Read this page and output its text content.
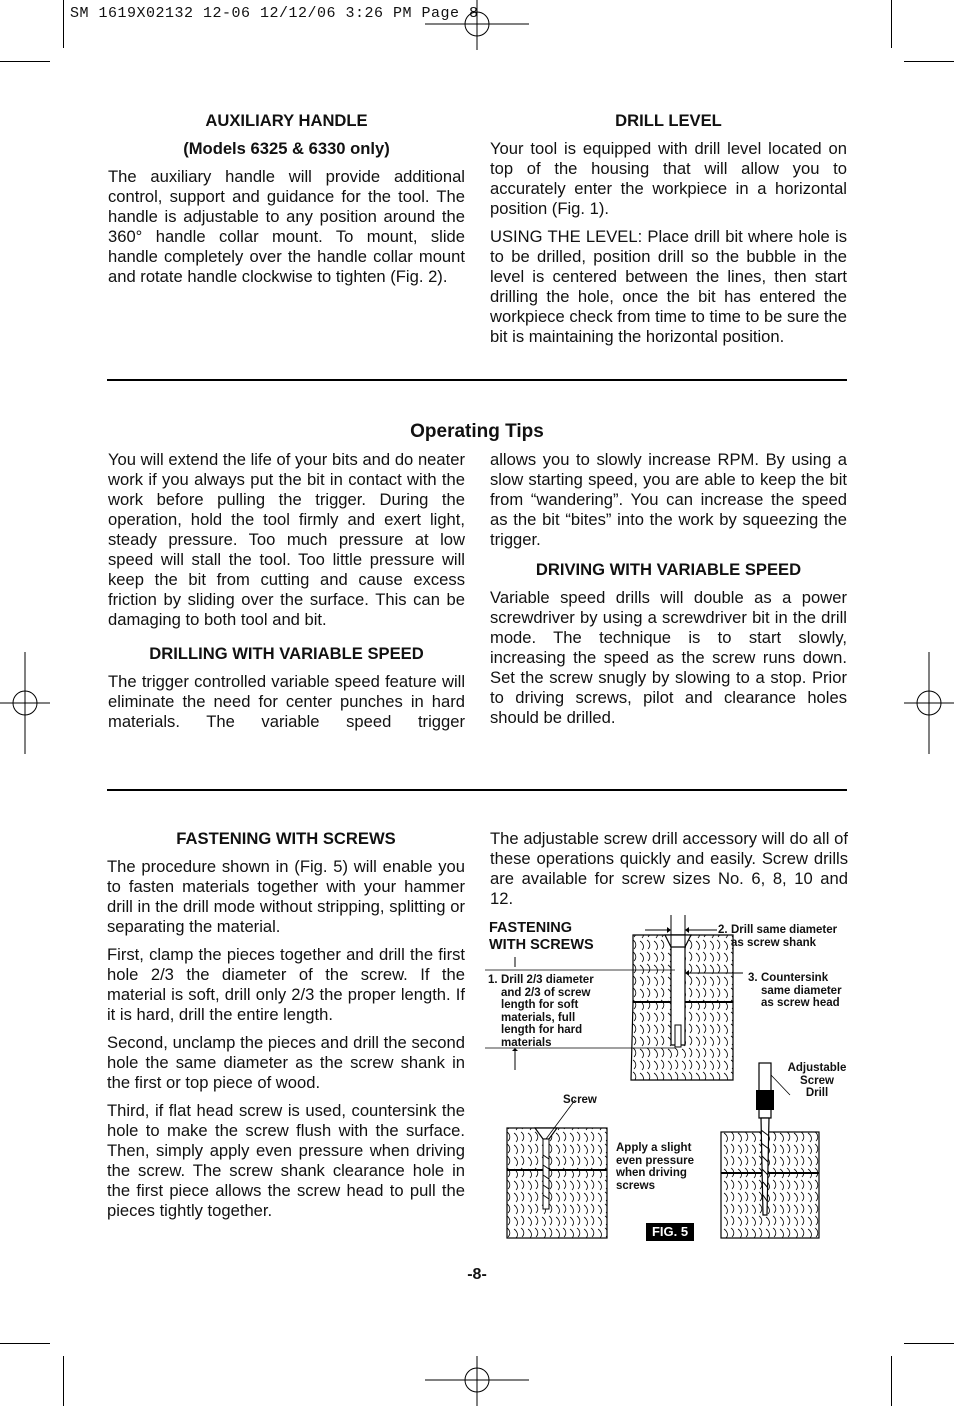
SM 1619X02132 12-06 12/12/06 3:26 PM Page 8

AUXILIARY HANDLE

(Models 6325 & 6330 only)

The auxiliary handle will provide additional control, support and guidance for the tool. The handle is adjustable to any position around the 360° handle collar mount. To mount, slide handle completely over the handle collar mount and rotate handle clockwise to tighten (Fig. 2).

DRILL LEVEL

Your tool is equipped with drill level located on top of the housing that will allow you to accurately enter the workpiece in a horizontal position (Fig. 1).

USING THE LEVEL: Place drill bit where hole is to be drilled, position drill so the bubble in the level is centered between the lines, then start drilling the hole, once the bit has entered the workpiece check from time to time to be sure the bit is maintaining the horizontal position.

Operating Tips

You will extend the life of your bits and do neater work if you always put the bit in contact with the work before pulling the trigger. During the operation, hold the tool firmly and exert light, steady pressure. Too much pressure at low speed will stall the tool. Too little pressure will keep the bit from cutting and cause excess friction by sliding over the surface. This can be damaging to both tool and bit.

DRILLING WITH VARIABLE SPEED

The trigger controlled variable speed feature will eliminate the need for center punches in hard materials. The variable speed trigger

allows you to slowly increase RPM. By using a slow starting speed, you are able to keep the bit from “wandering”. You can increase the speed as the bit “bites” into the work by squeezing the trigger.

DRIVING WITH VARIABLE SPEED

Variable speed drills will double as a power screwdriver by using a screwdriver bit in the drill mode. The technique is to start slowly, increasing the speed as the screw runs down. Set the screw snugly by slowing to a stop. Prior to driving screws, pilot and clearance holes should be drilled.

FASTENING WITH SCREWS

The procedure shown in (Fig. 5) will enable you to fasten materials together with your hammer drill in the drill mode without stripping, splitting or separating the material.

First, clamp the pieces together and drill the first hole 2/3 the diameter of the screw. If the material is soft, drill only 2/3 the proper length. If it is hard, drill the entire length.

Second, unclamp the pieces and drill the second hole the same diameter as the screw shank in the first or top piece of wood.

Third, if flat head screw is used, countersink the hole to make the screw flush with the surface. Then, simply apply even pressure when driving the screw. The screw shank clearance hole in the first piece allows the screw head to pull the pieces tightly together.

The adjustable screw drill accessory will do all of these operations quickly and easily. Screw drills are available for screw sizes No. 6, 8, 10 and 12.

FASTENING
WITH SCREWS
1. Drill 2/3 diameter
and 2/3 of screw
length for soft
materials, full
length for hard
materials
2. Drill same diameter
as screw shank
3. Countersink
same diameter
as screw head
Screw
Apply a slight
even pressure
when driving
screws
Adjustable
Screw
Drill
FIG. 5
-8-
